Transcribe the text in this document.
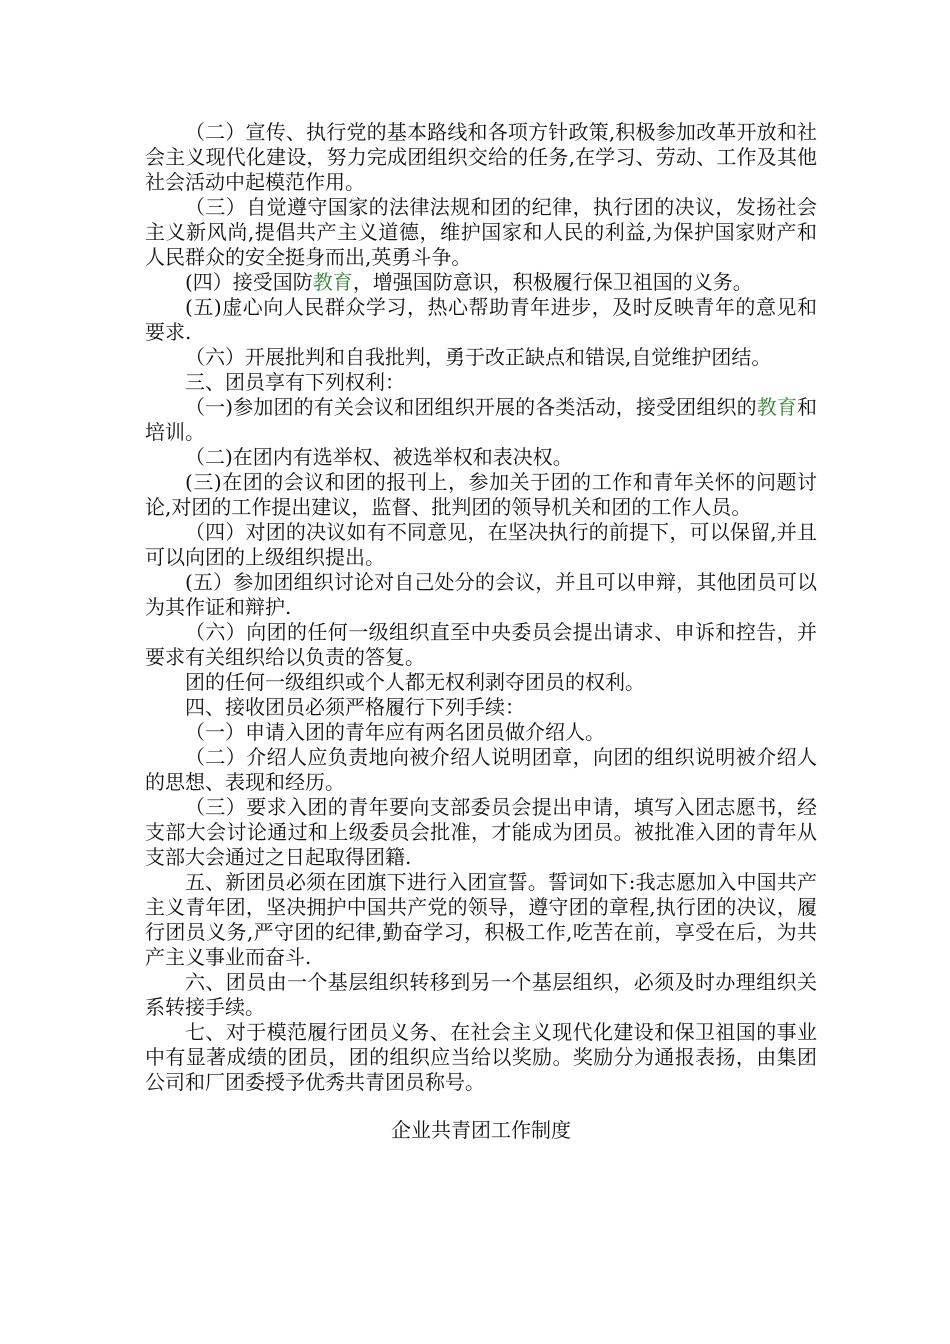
（二）宣传、执行党的基本路线和各项方针政策,积极参加改革开放和社会主义现代化建设，努力完成团组织交给的任务,在学习、劳动、工作及其他社会活动中起模范作用。

（三）自觉遵守国家的法律法规和团的纪律，执行团的决议，发扬社会主义新风尚,提倡共产主义道德，维护国家和人民的利益,为保护国家财产和人民群众的安全挺身而出,英勇斗争。

(四）接受国防教育，增强国防意识，积极履行保卫祖国的义务。

(五)虚心向人民群众学习，热心帮助青年进步，及时反映青年的意见和要求.

（六）开展批判和自我批判，勇于改正缺点和错误,自觉维护团结。

三、团员享有下列权利：

（一)参加团的有关会议和团组织开展的各类活动，接受团组织的教育和培训。

（二)在团内有选举权、被选举权和表决权。

(三)在团的会议和团的报刊上，参加关于团的工作和青年关怀的问题讨论,对团的工作提出建议，监督、批判团的领导机关和团的工作人员。

（四）对团的决议如有不同意见，在坚决执行的前提下，可以保留,并且可以向团的上级组织提出。

(五）参加团组织讨论对自己处分的会议，并且可以申辩，其他团员可以为其作证和辩护.

（六）向团的任何一级组织直至中央委员会提出请求、申诉和控告，并要求有关组织给以负责的答复。

团的任何一级组织或个人都无权利剥夺团员的权利。

四、接收团员必须严格履行下列手续：

（一）申请入团的青年应有两名团员做介绍人。

（二）介绍人应负责地向被介绍人说明团章，向团的组织说明被介绍人的思想、表现和经历。

（三）要求入团的青年要向支部委员会提出申请，填写入团志愿书，经支部大会讨论通过和上级委员会批准，才能成为团员。被批准入团的青年从支部大会通过之日起取得团籍.

五、新团员必须在团旗下进行入团宣誓。誓词如下:我志愿加入中国共产主义青年团，坚决拥护中国共产党的领导，遵守团的章程,执行团的决议，履行团员义务,严守团的纪律,勤奋学习，积极工作,吃苦在前，享受在后，为共产主义事业而奋斗.

六、团员由一个基层组织转移到另一个基层组织，必须及时办理组织关系转接手续。

七、对于模范履行团员义务、在社会主义现代化建设和保卫祖国的事业中有显著成绩的团员，团的组织应当给以奖励。奖励分为通报表扬，由集团公司和厂团委授予优秀共青团员称号。

企业共青团工作制度
